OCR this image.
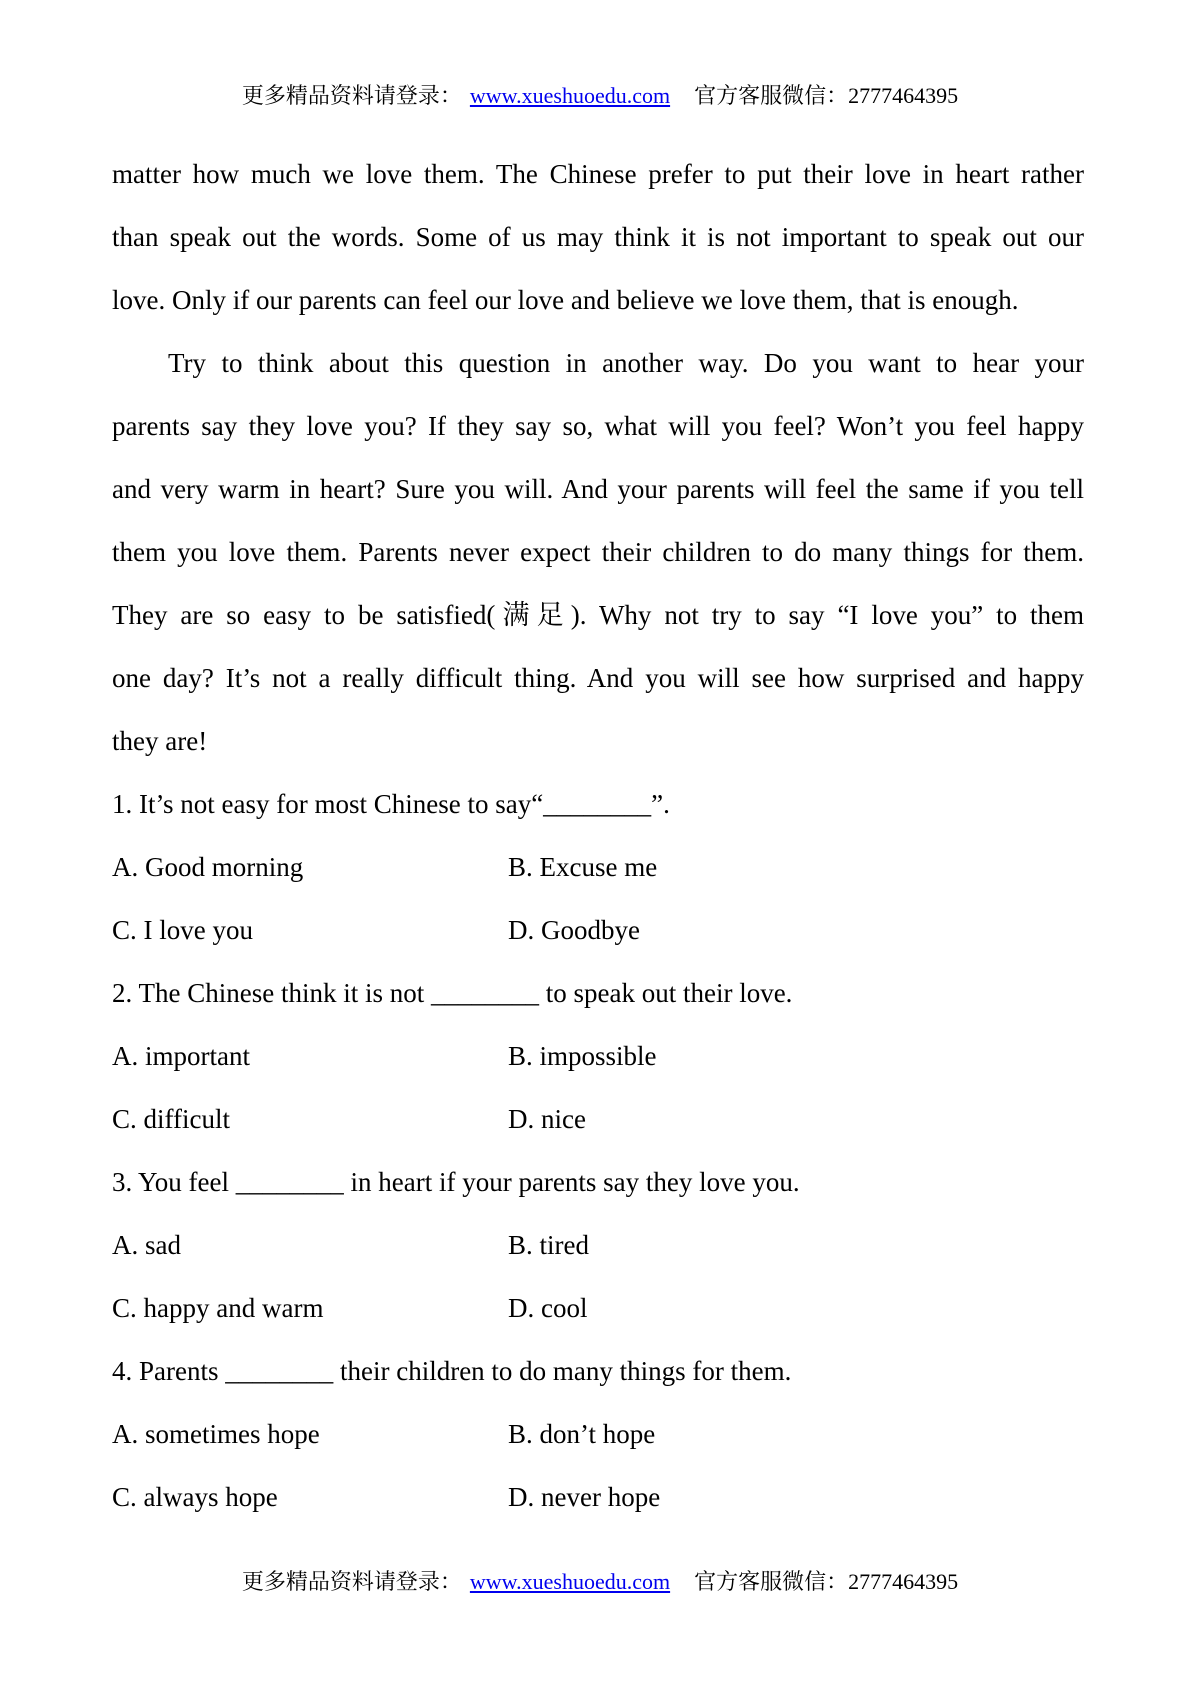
更多精品资料请登录： www.xueshuoedu.com 官方客服微信：2777464395
matter how much we love them. The Chinese prefer to put their love in heart rather
than speak out the words. Some of us may think it is not important to speak out our
love. Only if our parents can feel our love and believe we love them, that is enough.
Try to think about this question in another way. Do you want to hear your
parents say they love you? If they say so, what will you feel? Won’t you feel happy
and very warm in heart? Sure you will. And your parents will feel the same if you tell
them you love them. Parents never expect their children to do many things for them.
They are so easy to be satisfied(满足). Why not try to say “I love you” to them
one day? It’s not a really difficult thing. And you will see how surprised and happy
they are!
1. It’s not easy for most Chinese to say“________”.
A. Good morning	B. Excuse me
C. I love you	D. Goodbye
2. The Chinese think it is not ________ to speak out their love.
A. important	B. impossible
C. difficult	D. nice
3. You feel ________ in heart if your parents say they love you.
A. sad	B. tired
C. happy and warm	D. cool
4. Parents ________ their children to do many things for them.
A. sometimes hope	B. don’t hope
C. always hope	D. never hope
更多精品资料请登录： www.xueshuoedu.com 官方客服微信：2777464395
